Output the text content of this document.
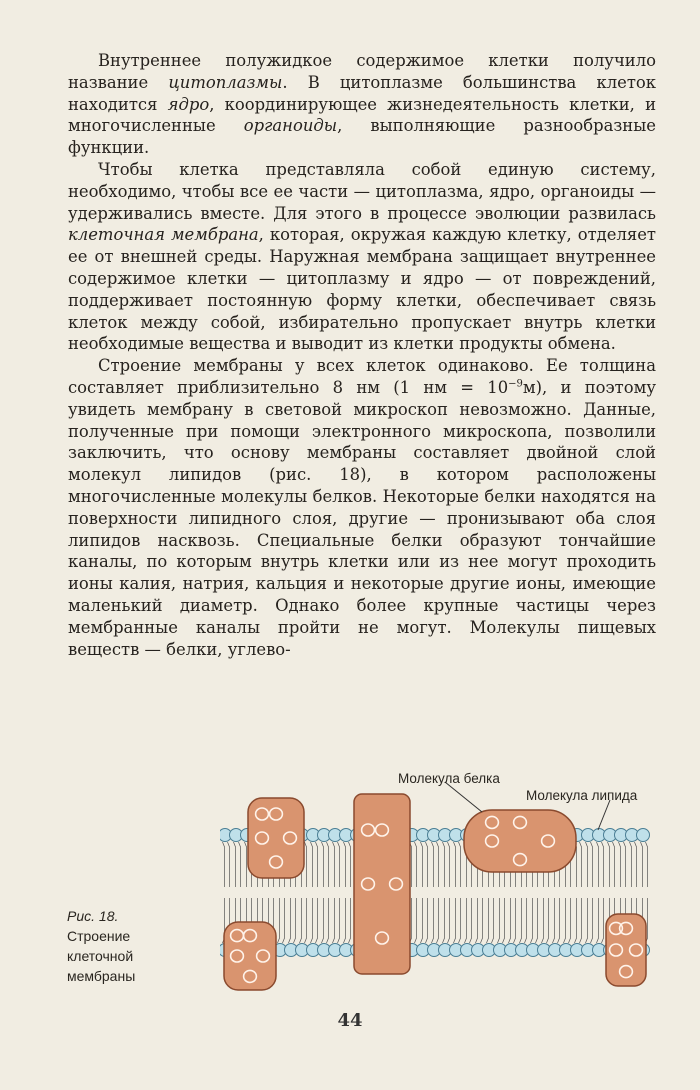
Внутреннее полужидкое содержимое клетки получило название цитоплазмы. В цитоплазме большинства клеток находится ядро, координирующее жизнедеятельность клетки, и многочисленные органоиды, выполняющие разнообразные функции.

Чтобы клетка представляла собой единую систему, необходимо, чтобы все ее части — цитоплазма, ядро, органоиды — удерживались вместе. Для этого в процессе эволюции развилась клеточная мембрана, которая, окружая каждую клетку, отделяет ее от внешней среды. Наружная мембрана защищает внутреннее содержимое клетки — цитоплазму и ядро — от повреждений, поддерживает постоянную форму клетки, обеспечивает связь клеток между собой, избирательно пропускает внутрь клетки необходимые вещества и выводит из клетки продукты обмена.

Строение мембраны у всех клеток одинаково. Ее толщина составляет приблизительно 8 нм (1 нм = $10^{-9}м$), и поэтому увидеть мембрану в световой микроскоп невозможно. Данные, полученные при помощи электронного микроскопа, позволили заключить, что основу мембраны составляет двойной слой молекул липидов (рис. 18), в котором расположены многочисленные молекулы белков. Некоторые белки находятся на поверхности липидного слоя, другие — пронизывают оба слоя липидов насквозь. Специальные белки образуют тончайшие каналы, по которым внутрь клетки или из нее могут проходить ионы калия, натрия, кальция и некоторые другие ионы, имеющие маленький диаметр. Однако более крупные частицы через мембранные каналы пройти не могут. Молекулы пищевых веществ — белки, углево-

Молекула белка
Молекула липида
Рис. 18.
Строение
клеточной
мембраны
44
